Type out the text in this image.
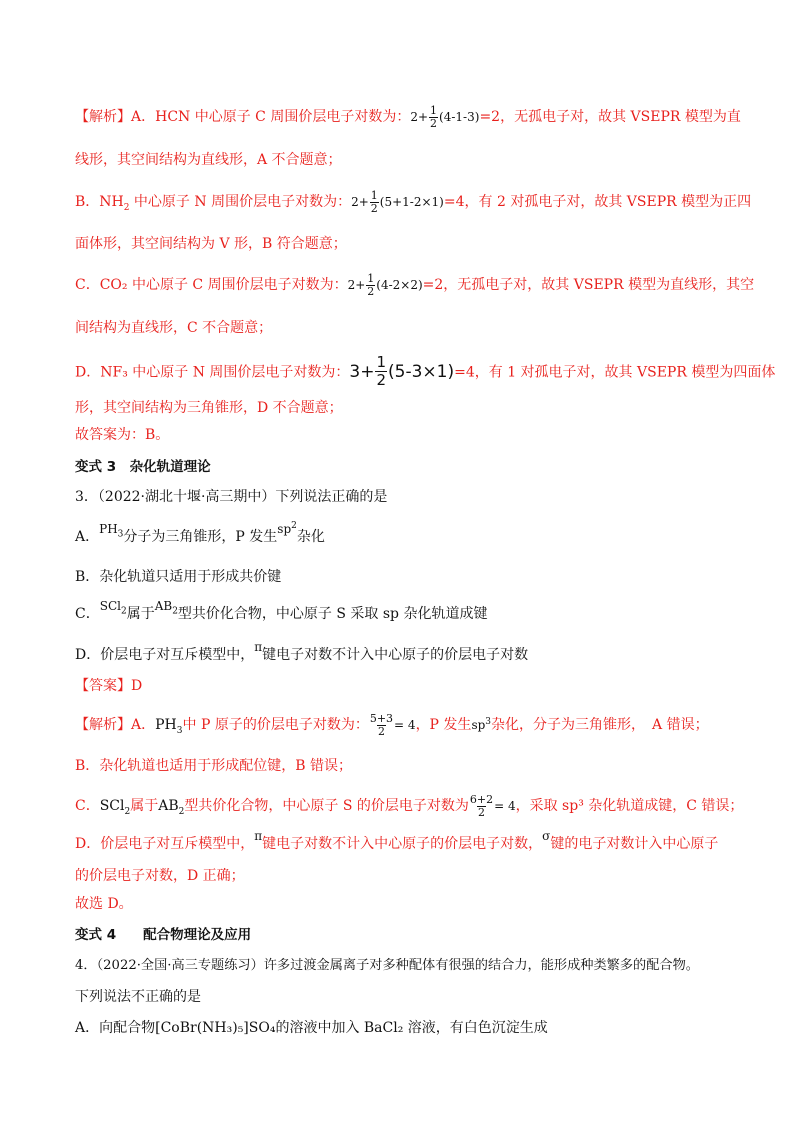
【解析】A．HCN 中心原子 C 周围价层电子对数为：$2+ \frac{1}{2} (4-1-3)=2$，无孤电子对，故其 VSEPR 模型为直
线形，其空间结构为直线形，A 不合题意；
B．$NH_2$ 中心原子 N 周围价层电子对数为：$2+ \frac{1}{2} (5+1-2\times 1)=4$，有 2 对孤电子对，故其 VSEPR 模型为正四
面体形，其空间结构为 V 形，B 符合题意；
C．CO₂ 中心原子 C 周围价层电子对数为：$2+ \frac{1}{2} (4-2\times 2)=2$，无孤电子对，故其 VSEPR 模型为直线形，其空
间结构为直线形，C 不合题意；
D．NF₃ 中心原子 N 周围价层电子对数为：$3+ \frac{1}{2} (5-3\times 1)=4$，有 1 对孤电子对，故其 VSEPR 模型为四面体
形，其空间结构为三角锥形，D 不合题意；
故答案为：B。
变式 3　杂化轨道理论
3．（2022·湖北十堰·高三期中）下列说法正确的是
A．$PH_3$分子为三角锥形，P 发生$sp^2$杂化
B．杂化轨道只适用于形成共价键
C．SCl$_2$属于$AB_2$型共价化合物，中心原子 S 采取 sp 杂化轨道成键
D．价层电子对互斥模型中，π键电子对数不计入中心原子的价层电子对数
【答案】D
【解析】A．$PH_3$中 P 原子的价层电子对数为： $\frac{5+3}{2} = 4$，P 发生$sp^3$杂化，分子为三角锥形，　A 错误；
B．杂化轨道也适用于形成配位键，B 错误；
C．SCl$_2$属于$AB_2$型共价化合物，中心原子 S 的价层电子对数为 $\frac{6+2}{2} = 4$，采取 sp³ 杂化轨道成键，C 错误；
D．价层电子对互斥模型中，π键电子对数不计入中心原子的价层电子对数，σ键的电子对数计入中心原子
的价层电子对数，D 正确；
故选 D。
变式 4　　配合物理论及应用
4．（2022·全国·高三专题练习）许多过渡金属离子对多种配体有很强的结合力，能形成种类繁多的配合物。
下列说法不正确的是
A．向配合物[CoBr(NH₃)₅]SO₄的溶液中加入 BaCl₂ 溶液，有白色沉淀生成
